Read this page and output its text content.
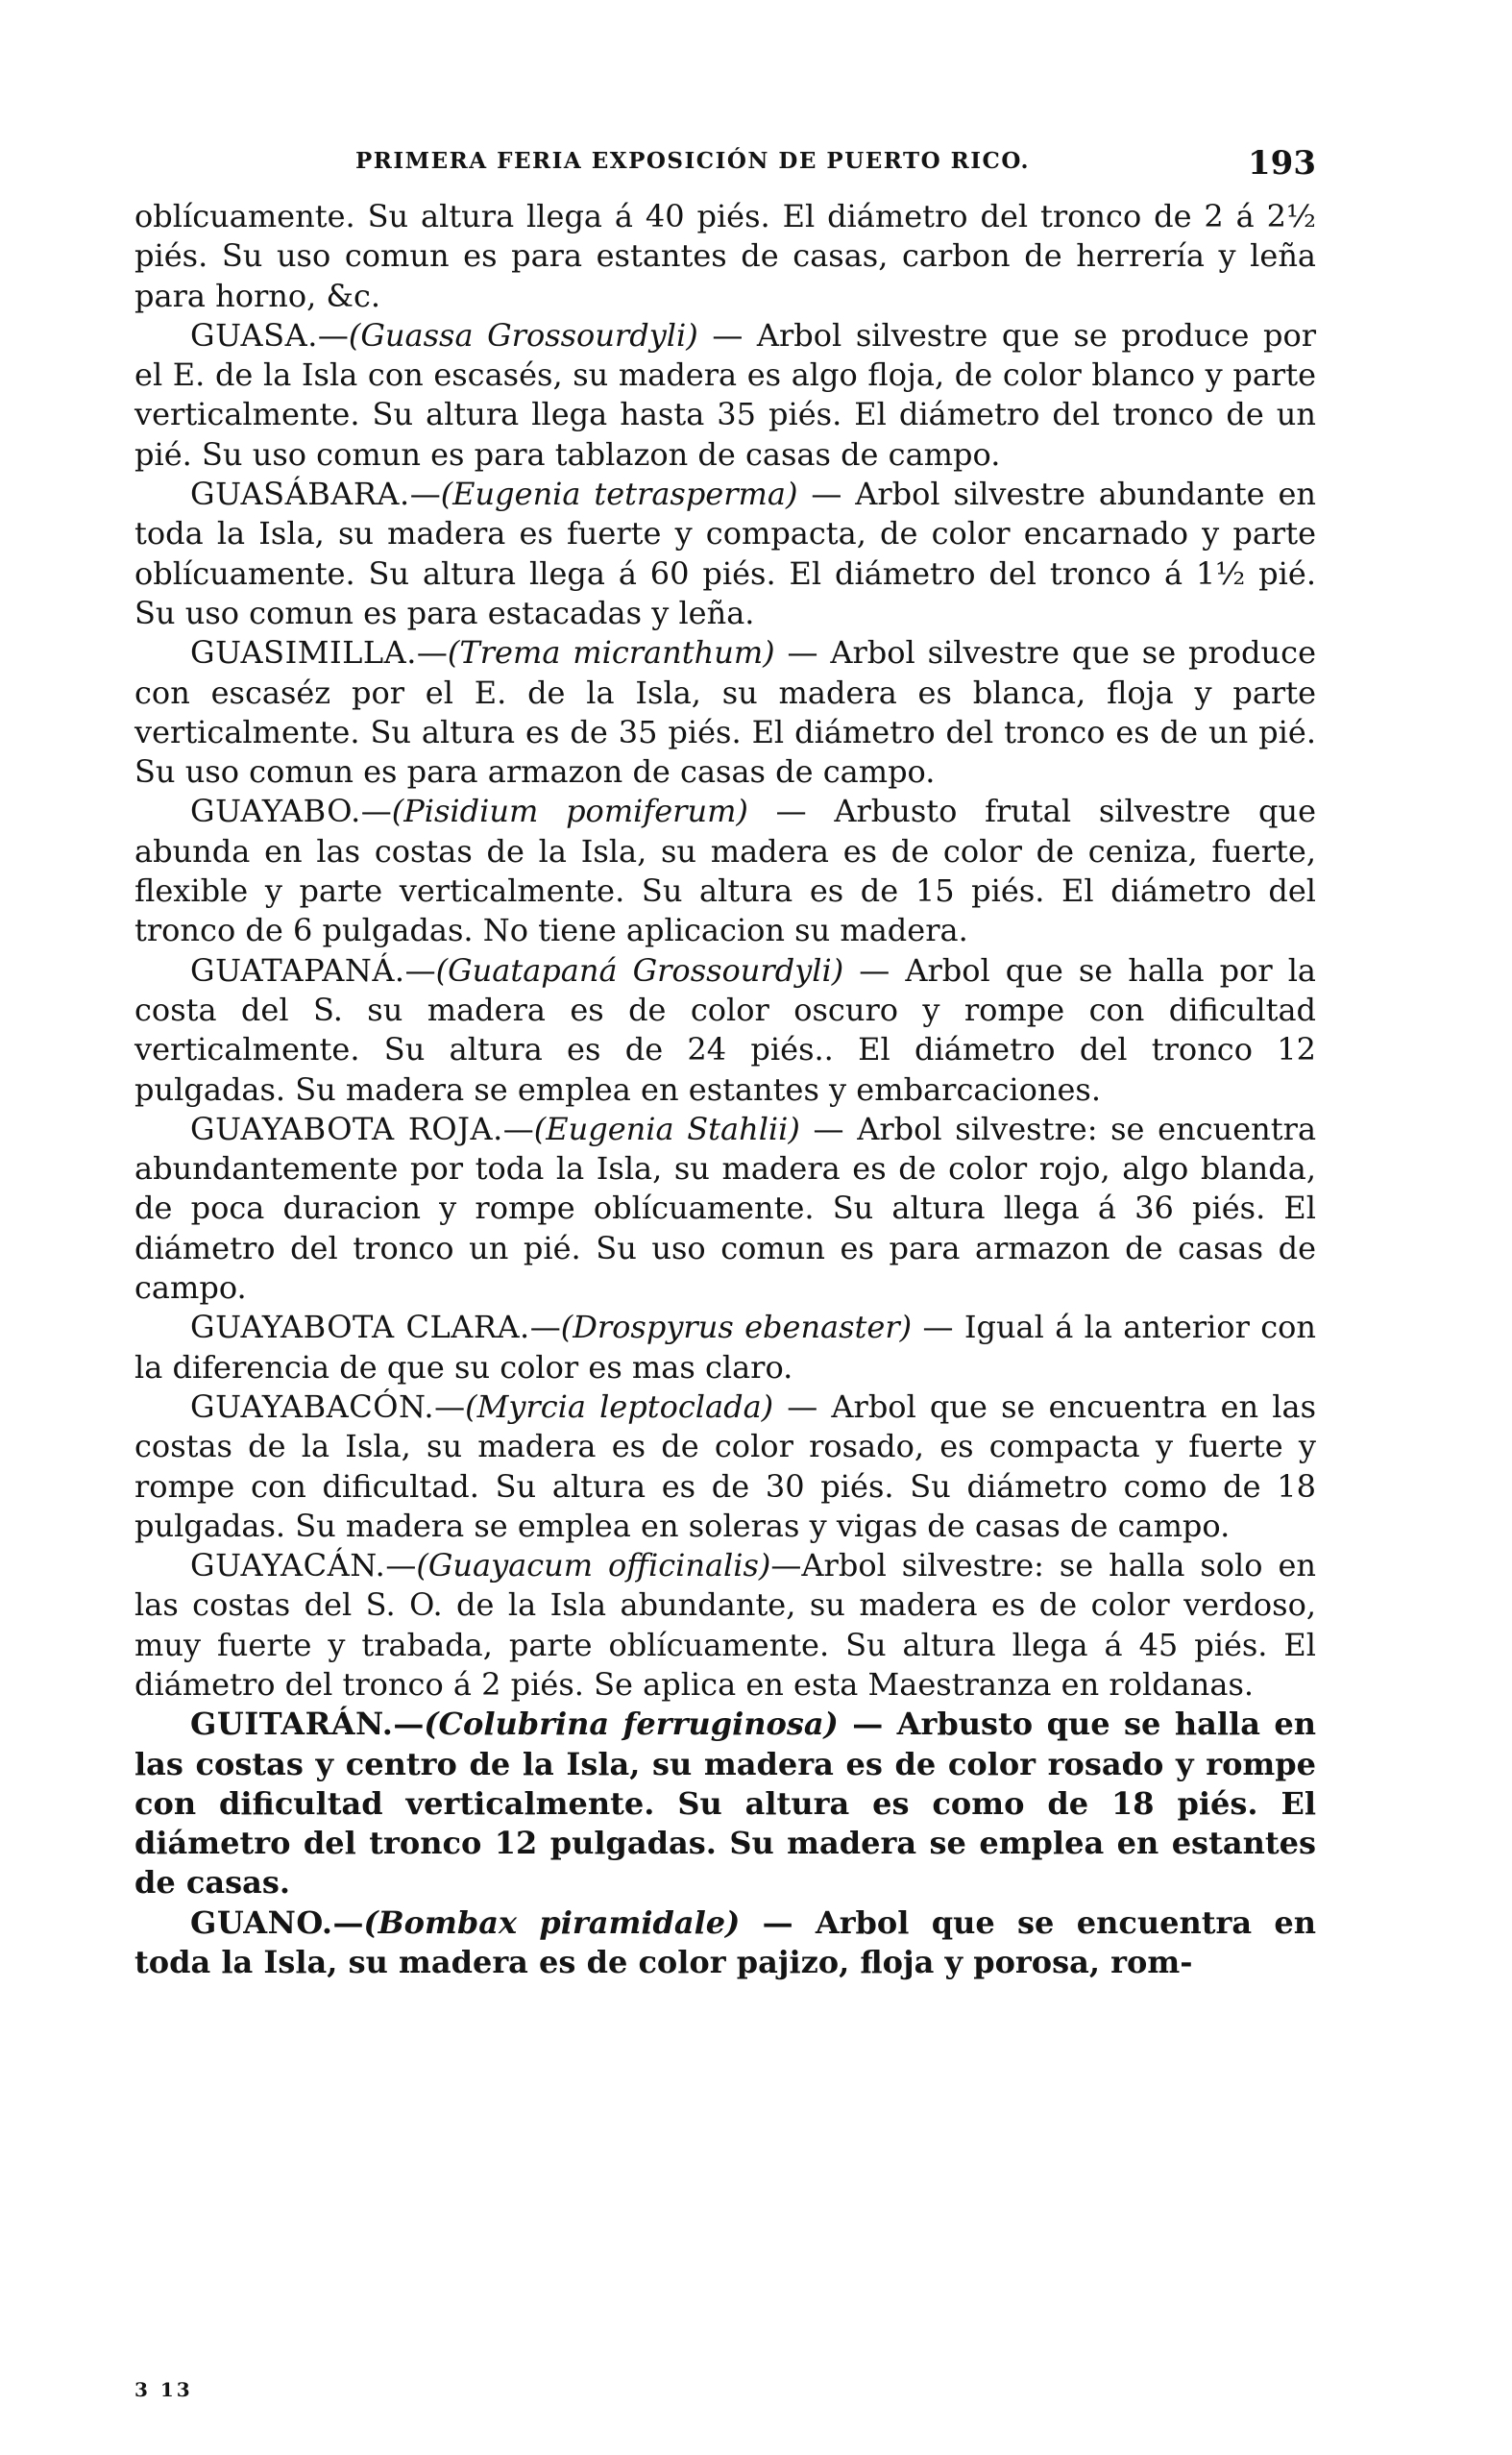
PRIMERA FERIA EXPOSICIÓN DE PUERTO RICO.	193

oblícuamente. Su altura llega á 40 piés. El diámetro del tronco de 2 á 2½ piés. Su uso comun es para estantes de casas, carbon de herrería y leña para horno, &c.

GUASA.—(Guassa Grossourdyli) — Arbol silvestre que se produce por el E. de la Isla con escasés, su madera es algo floja, de color blanco y parte verticalmente. Su altura llega hasta 35 piés. El diámetro del tronco de un pié. Su uso comun es para tablazon de casas de campo.

GUASÁBARA.—(Eugenia tetrasperma) — Arbol silvestre abundante en toda la Isla, su madera es fuerte y compacta, de color encarnado y parte oblícuamente. Su altura llega á 60 piés. El diámetro del tronco á 1½ pié. Su uso comun es para estacadas y leña.

GUASIMILLA.—(Trema micranthum) — Arbol silvestre que se produce con escaséz por el E. de la Isla, su madera es blanca, floja y parte verticalmente. Su altura es de 35 piés. El diámetro del tronco es de un pié. Su uso comun es para armazon de casas de campo.

GUAYABO.—(Pisidium pomiferum) — Arbusto frutal silvestre que abunda en las costas de la Isla, su madera es de color de ceniza, fuerte, flexible y parte verticalmente. Su altura es de 15 piés. El diámetro del tronco de 6 pulgadas. No tiene aplicacion su madera.

GUATAPANÁ.—(Guatapaná Grossourdyli) — Arbol que se halla por la costa del S. su madera es de color oscuro y rompe con dificultad verticalmente. Su altura es de 24 piés.. El diámetro del tronco 12 pulgadas. Su madera se emplea en estantes y embarcaciones.

GUAYABOTA ROJA.—(Eugenia Stahlii) — Arbol silvestre: se encuentra abundantemente por toda la Isla, su madera es de color rojo, algo blanda, de poca duracion y rompe oblícuamente. Su altura llega á 36 piés. El diámetro del tronco un pié. Su uso comun es para armazon de casas de campo.

GUAYABOTA CLARA.—(Drospyrus ebenaster) — Igual á la anterior con la diferencia de que su color es mas claro.

GUAYABACÓN.—(Myrcia leptoclada) — Arbol que se encuentra en las costas de la Isla, su madera es de color rosado, es compacta y fuerte y rompe con dificultad. Su altura es de 30 piés. Su diámetro como de 18 pulgadas. Su madera se emplea en soleras y vigas de casas de campo.

GUAYACÁN.—(Guayacum officinalis)—Arbol silvestre: se halla solo en las costas del S. O. de la Isla abundante, su madera es de color verdoso, muy fuerte y trabada, parte oblícuamente. Su altura llega á 45 piés. El diámetro del tronco á 2 piés. Se aplica en esta Maestranza en roldanas.

GUITARÁN.—(Colubrina ferruginosa) — Arbusto que se halla en las costas y centro de la Isla, su madera es de color rosado y rompe con dificultad verticalmente. Su altura es como de 18 piés. El diámetro del tronco 12 pulgadas. Su madera se emplea en estantes de casas.

GUANO.—(Bombax piramidale) — Arbol que se encuentra en toda la Isla, su madera es de color pajizo, floja y porosa, rom-

3 13
